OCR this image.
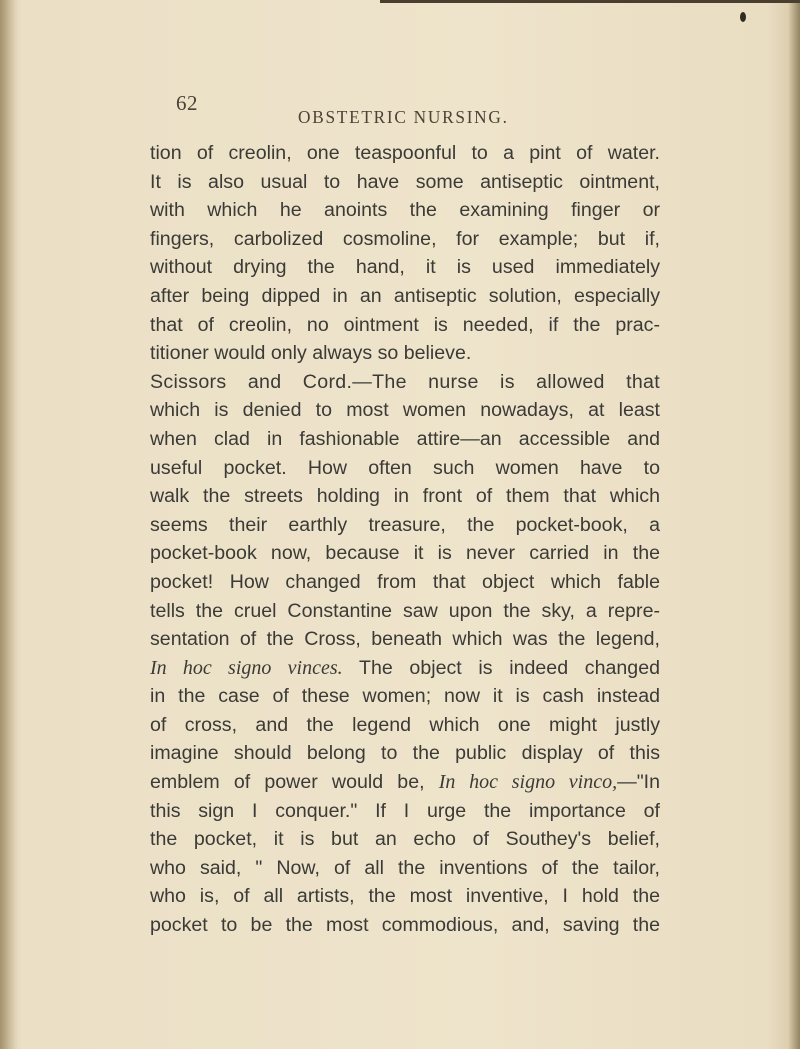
62
OBSTETRIC NURSING.
tion of creolin, one teaspoonful to a pint of water.
It is also usual to have some antiseptic ointment,
with which he anoints the examining finger or
fingers, carbolized cosmoline, for example; but if,
without drying the hand, it is used immediately
after being dipped in an antiseptic solution, especially
that of creolin, no ointment is needed, if the prac-
titioner would only always so believe.
Scissors and Cord.—The nurse is allowed that
which is denied to most women nowadays, at least
when clad in fashionable attire—an accessible and
useful pocket. How often such women have to
walk the streets holding in front of them that which
seems their earthly treasure, the pocket-book, a
pocket-book now, because it is never carried in the
pocket! How changed from that object which fable
tells the cruel Constantine saw upon the sky, a repre-
sentation of the Cross, beneath which was the legend,
In hoc signo vinces. The object is indeed changed
in the case of these women; now it is cash instead
of cross, and the legend which one might justly
imagine should belong to the public display of this
emblem of power would be, In hoc signo vinco,—"In
this sign I conquer." If I urge the importance of
the pocket, it is but an echo of Southey's belief,
who said, " Now, of all the inventions of the tailor,
who is, of all artists, the most inventive, I hold the
pocket to be the most commodious, and, saving the
